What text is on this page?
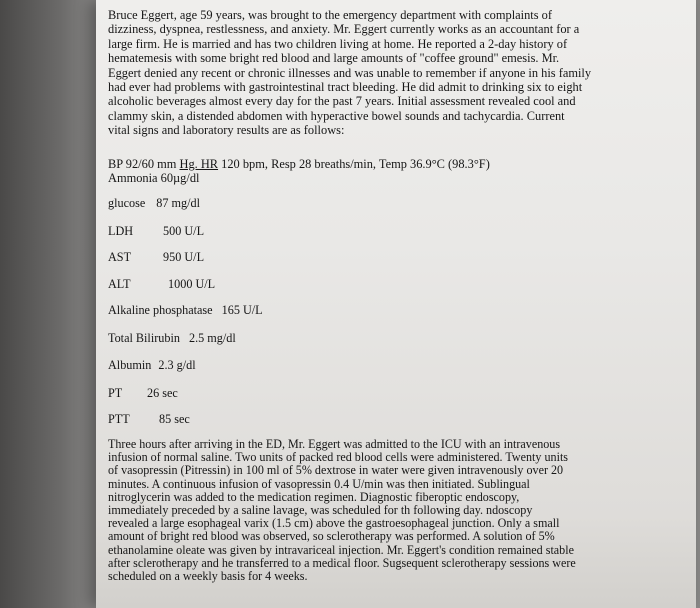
Bruce Eggert, age 59 years, was brought to the emergency department with complaints of

dizziness, dyspnea, restlessness, and anxiety. Mr. Eggert currently works as an accountant for a

large firm. He is married and has two children living at home. He reported a 2-day history of

hematemesis with some bright red blood and large amounts of "coffee ground" emesis. Mr.

Eggert denied any recent or chronic illnesses and was unable to remember if anyone in his family

had ever had problems with gastrointestinal tract bleeding. He did admit to drinking six to eight

alcoholic beverages almost every day for the past 7 years. Initial assessment revealed cool and

clammy skin, a distended abdomen with hyperactive bowel sounds and tachycardia. Current

vital signs and laboratory results are as follows:

BP 92/60 mm Hg. HR 120 bpm, Resp 28 breaths/min, Temp 36.9°C (98.3°F)
Ammonia 60µg/dl
glucose 87 mg/dl
LDH 500 U/L
AST	950 U/L
ALT	1000 U/L
Alkaline phosphatase 165 U/L
Total Bilirubin 2.5 mg/dl
Albumin 2.3 g/dl
PT 26 sec
PTT 85 sec

Three hours after arriving in the ED, Mr. Eggert was admitted to the ICU with an intravenous

infusion of normal saline. Two units of packed red blood cells were administered. Twenty units

of vasopressin (Pitressin) in 100 ml of 5% dextrose in water were given intravenously over 20

minutes. A continuous infusion of vasopressin 0.4 U/min was then initiated. Sublingual

nitroglycerin was added to the medication regimen. Diagnostic fiberoptic endoscopy,

immediately preceded by a saline lavage, was scheduled for th following day. ndoscopy

revealed a large esophageal varix (1.5 cm) above the gastroesophageal junction. Only a small

amount of bright red blood was observed, so sclerotherapy was performed. A solution of 5%

ethanolamine oleate was given by intravariceal injection. Mr. Eggert's condition remained stable

after sclerotherapy and he transferred to a medical floor. Sugsequent sclerotherapy sessions were

scheduled on a weekly basis for 4 weeks.
